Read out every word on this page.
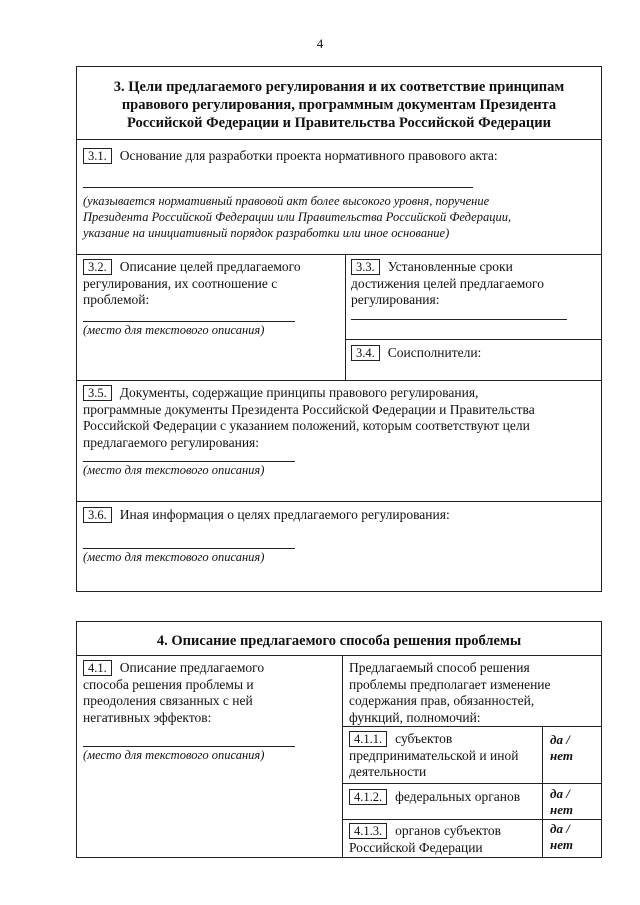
4
3. Цели предлагаемого регулирования и их соответствие принципам
правового регулирования, программным документам Президента
Российской Федерации и Правительства Российской Федерации
3.1. Основание для разработки проекта нормативного правового акта:
(указывается нормативный правовой акт более высокого уровня, поручение
Президента Российской Федерации или Правительства Российской Федерации,
указание на инициативный порядок разработки или иное основание)
3.2. Описание целей предлагаемого
регулирования, их соотношение с
проблемой:
(место для текстового описания)
3.3. Установленные сроки
достижения целей предлагаемого
регулирования:
3.4. Соисполнители:
3.5. Документы, содержащие принципы правового регулирования,
программные документы Президента Российской Федерации и Правительства
Российской Федерации с указанием положений, которым соответствуют цели
предлагаемого регулирования:
(место для текстового описания)
3.6. Иная информация о целях предлагаемого регулирования:
(место для текстового описания)
4. Описание предлагаемого способа решения проблемы
4.1. Описание предлагаемого
способа решения проблемы и
преодоления связанных с ней
негативных эффектов:
(место для текстового описания)
Предлагаемый способ решения
проблемы предполагает изменение
содержания прав, обязанностей,
функций, полномочий:
4.1.1. субъектов
предпринимательской и иной
деятельности
да /
нет
4.1.2. федеральных органов	да /
нет
4.1.3. органов субъектов
Российской Федерации
да /
нет
